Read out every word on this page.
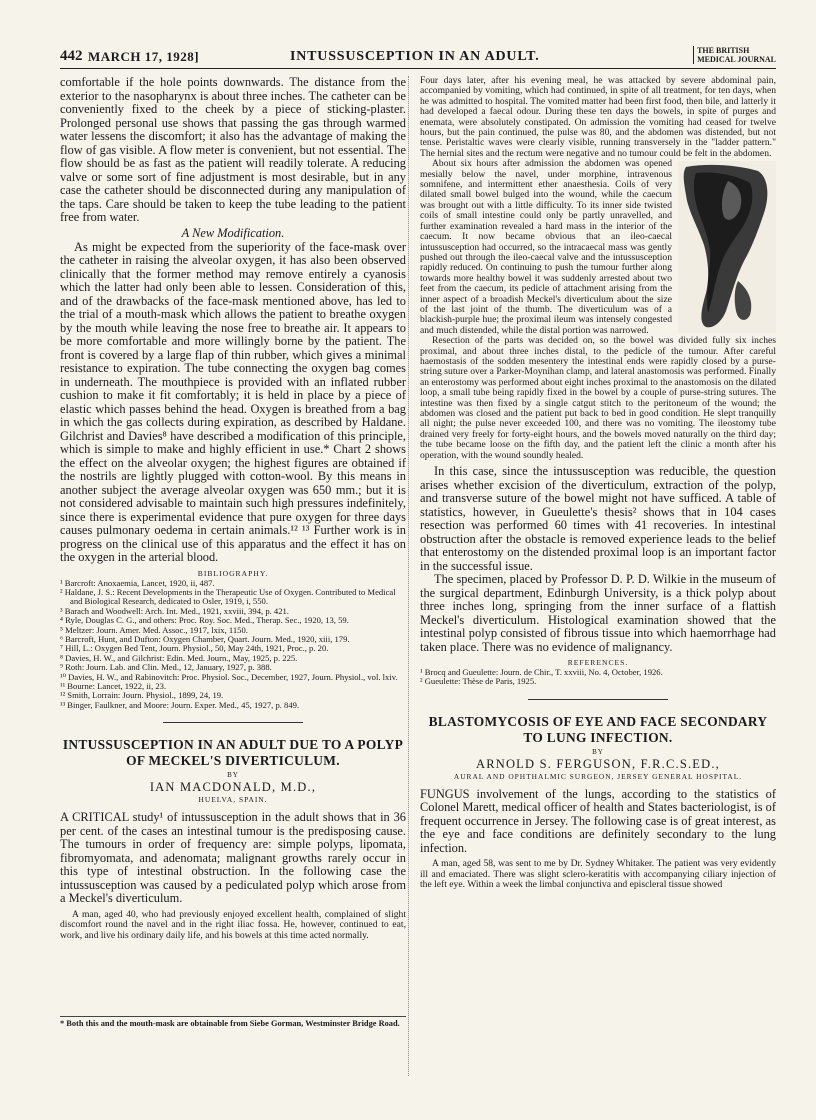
442 MARCH 17, 1928]	INTUSSUSCEPTION IN AN ADULT.	THE BRITISH
MEDICAL JOURNAL

comfortable if the hole points downwards. The distance from the exterior to the nasopharynx is about three inches. The catheter can be conveniently fixed to the cheek by a piece of sticking-plaster. Prolonged personal use shows that passing the gas through warmed water lessens the discomfort; it also has the advantage of making the flow of gas visible. A flow meter is convenient, but not essential. The flow should be as fast as the patient will readily tolerate. A reducing valve or some sort of fine adjustment is most desirable, but in any case the catheter should be disconnected during any manipulation of the taps. Care should be taken to keep the tube leading to the patient free from water.

A New Modification.

As might be expected from the superiority of the face-mask over the catheter in raising the alveolar oxygen, it has also been observed clinically that the former method may remove entirely a cyanosis which the latter had only been able to lessen. Consideration of this, and of the drawbacks of the face-mask mentioned above, has led to the trial of a mouth-mask which allows the patient to breathe oxygen by the mouth while leaving the nose free to breathe air. It appears to be more comfortable and more willingly borne by the patient. The front is covered by a large flap of thin rubber, which gives a minimal resistance to expiration. The tube connecting the oxygen bag comes in underneath. The mouthpiece is provided with an inflated rubber cushion to make it fit comfortably; it is held in place by a piece of elastic which passes behind the head. Oxygen is breathed from a bag in which the gas collects during expiration, as described by Haldane. Gilchrist and Davies⁸ have described a modification of this principle, which is simple to make and highly efficient in use.* Chart 2 shows the effect on the alveolar oxygen; the highest figures are obtained if the nostrils are lightly plugged with cotton-wool. By this means in another subject the average alveolar oxygen was 650 mm.; but it is not considered advisable to maintain such high pressures indefinitely, since there is experimental evidence that pure oxygen for three days causes pulmonary oedema in certain animals.¹² ¹³ Further work is in progress on the clinical use of this apparatus and the effect it has on the oxygen in the arterial blood.

BIBLIOGRAPHY.
¹ Barcroft: Anoxaemia, Lancet, 1920, ii, 487.
² Haldane, J. S.: Recent Developments in the Therapeutic Use of Oxygen. Contributed to Medical and Biological Research, dedicated to Osler, 1919, i, 550.
³ Barach and Woodwell: Arch. Int. Med., 1921, xxviii, 394, p. 421.
⁴ Ryle, Douglas C. G., and others: Proc. Roy. Soc. Med., Therap. Sec., 1920, 13, 59.
⁵ Meltzer: Journ. Amer. Med. Assoc., 1917, lxix, 1150.
⁶ Barcroft, Hunt, and Dufton: Oxygen Chamber, Quart. Journ. Med., 1920, xiii, 179.
⁷ Hill, L.: Oxygen Bed Tent, Journ. Physiol., 50, May 24th, 1921, Proc., p. 20.
⁸ Davies, H. W., and Gilchrist: Edin. Med. Journ., May, 1925, p. 225.
⁹ Roth: Journ. Lab. and Clin. Med., 12, January, 1927, p. 388.
¹⁰ Davies, H. W., and Rabinovitch: Proc. Physiol. Soc., December, 1927, Journ. Physiol., vol. lxiv.
¹¹ Bourne: Lancet, 1922, ii, 23.
¹² Smith, Lorrain: Journ. Physiol., 1899, 24, 19.
¹³ Binger, Faulkner, and Moore: Journ. Exper. Med., 45, 1927, p. 849.
INTUSSUSCEPTION IN AN ADULT DUE TO A POLYP OF MECKEL'S DIVERTICULUM.
BY
IAN MACDONALD, M.D.,
HUELVA, SPAIN.

A CRITICAL study¹ of intussusception in the adult shows that in 36 per cent. of the cases an intestinal tumour is the predisposing cause. The tumours in order of frequency are: simple polyps, lipomata, fibromyomata, and adenomata; malignant growths rarely occur in this type of intestinal obstruction. In the following case the intussusception was caused by a pediculated polyp which arose from a Meckel's diverticulum.

A man, aged 40, who had previously enjoyed excellent health, complained of slight discomfort round the navel and in the right iliac fossa. He, however, continued to eat, work, and live his ordinary daily life, and his bowels at this time acted normally.

* Both this and the mouth-mask are obtainable from Siebe Gorman, Westminster Bridge Road.

Four days later, after his evening meal, he was attacked by severe abdominal pain, accompanied by vomiting, which had continued, in spite of all treatment, for ten days, when he was admitted to hospital. The vomited matter had been first food, then bile, and latterly it had developed a faecal odour. During these ten days the bowels, in spite of purges and enemata, were absolutely constipated. On admission the vomiting had ceased for twelve hours, but the pain continued, the pulse was 80, and the abdomen was distended, but not tense. Peristaltic waves were clearly visible, running transversely in the "ladder pattern." The hernial sites and the rectum were negative and no tumour could be felt in the abdomen.

About six hours after admission the abdomen was opened mesially below the navel, under morphine, intravenous somnifene, and intermittent ether anaesthesia. Coils of very dilated small bowel bulged into the wound, while the caecum was brought out with a little difficulty. To its inner side twisted coils of small intestine could only be partly unravelled, and further examination revealed a hard mass in the interior of the caecum. It now became obvious that an ileo-caecal intussusception had occurred, so the intracaecal mass was gently pushed out through the ileo-caecal valve and the intussusception rapidly reduced. On continuing to push the tumour further along towards more healthy bowel it was suddenly arrested about two feet from the caecum, its pedicle of attachment arising from the inner aspect of a broadish Meckel's diverticulum about the size of the last joint of the thumb. The diverticulum was of a blackish-purple hue; the proximal ileum was intensely congested and much distended, while the distal portion was narrowed.

Resection of the parts was decided on, so the bowel was divided fully six inches proximal, and about three inches distal, to the pedicle of the tumour. After careful haemostasis of the sodden mesentery the intestinal ends were rapidly closed by a purse-string suture over a Parker-Moynihan clamp, and lateral anastomosis was performed. Finally an enterostomy was performed about eight inches proximal to the anastomosis on the dilated loop, a small tube being rapidly fixed in the bowel by a couple of purse-string sutures. The intestine was then fixed by a single catgut stitch to the peritoneum of the wound; the abdomen was closed and the patient put back to bed in good condition. He slept tranquilly all night; the pulse never exceeded 100, and there was no vomiting. The ileostomy tube drained very freely for forty-eight hours, and the bowels moved naturally on the third day; the tube became loose on the fifth day, and the patient left the clinic a month after his operation, with the wound soundly healed.

In this case, since the intussusception was reducible, the question arises whether excision of the diverticulum, extraction of the polyp, and transverse suture of the bowel might not have sufficed. A table of statistics, however, in Gueulette's thesis² shows that in 104 cases resection was performed 60 times with 41 recoveries. In intestinal obstruction after the obstacle is removed experience leads to the belief that enterostomy on the distended proximal loop is an important factor in the successful issue.

The specimen, placed by Professor D. P. D. Wilkie in the museum of the surgical department, Edinburgh University, is a thick polyp about three inches long, springing from the inner surface of a flattish Meckel's diverticulum. Histological examination showed that the intestinal polyp consisted of fibrous tissue into which haemorrhage had taken place. There was no evidence of malignancy.

REFERENCES.
¹ Brocq and Gueulette: Journ. de Chir., T. xxviii, No. 4, October, 1926.
² Gueulette: Thèse de Paris, 1925.
BLASTOMYCOSIS OF EYE AND FACE SECONDARY TO LUNG INFECTION.
BY
ARNOLD S. FERGUSON, F.R.C.S.ED.,
AURAL AND OPHTHALMIC SURGEON, JERSEY GENERAL HOSPITAL.

FUNGUS involvement of the lungs, according to the statistics of Colonel Marett, medical officer of health and States bacteriologist, is of frequent occurrence in Jersey. The following case is of great interest, as the eye and face conditions are definitely secondary to the lung infection.

A man, aged 58, was sent to me by Dr. Sydney Whitaker. The patient was very evidently ill and emaciated. There was slight sclero-keratitis with accompanying ciliary injection of the left eye. Within a week the limbal conjunctiva and episcleral tissue showed
